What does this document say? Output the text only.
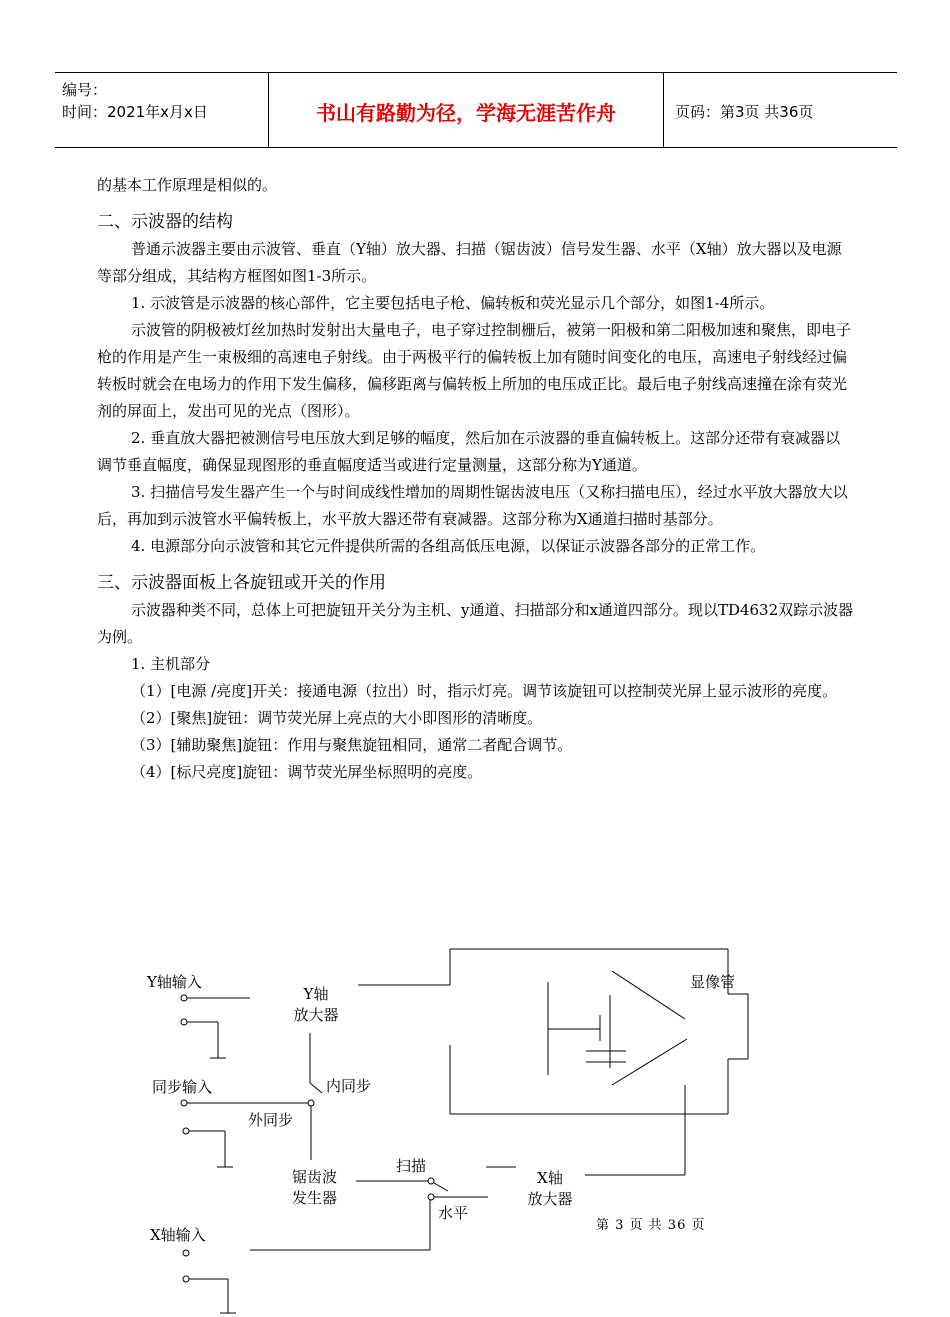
编号：
时间：2021年x月x日	书山有路勤为径，学海无涯苦作舟	页码：第3页 共36页

的基本工作原理是相似的。

二、示波器的结构

普通示波器主要由示波管、垂直（Y轴）放大器、扫描（锯齿波）信号发生器、水平（X轴）放大器以及电源等部分组成，其结构方框图如图1-3所示。

1. 示波管是示波器的核心部件，它主要包括电子枪、偏转板和荧光显示几个部分，如图1-4所示。

示波管的阴极被灯丝加热时发射出大量电子，电子穿过控制栅后，被第一阳极和第二阳极加速和聚焦，即电子枪的作用是产生一束极细的高速电子射线。由于两极平行的偏转板上加有随时间变化的电压，高速电子射线经过偏转板时就会在电场力的作用下发生偏移，偏移距离与偏转板上所加的电压成正比。最后电子射线高速撞在涂有荧光剂的屏面上，发出可见的光点（图形）。

2. 垂直放大器把被测信号电压放大到足够的幅度，然后加在示波器的垂直偏转板上。这部分还带有衰减器以调节垂直幅度，确保显现图形的垂直幅度适当或进行定量测量，这部分称为Y通道。

3. 扫描信号发生器产生一个与时间成线性增加的周期性锯齿波电压（又称扫描电压），经过水平放大器放大以后，再加到示波管水平偏转板上，水平放大器还带有衰减器。这部分称为X通道扫描时基部分。

4. 电源部分向示波管和其它元件提供所需的各组高低压电源，以保证示波器各部分的正常工作。

三、示波器面板上各旋钮或开关的作用

示波器种类不同，总体上可把旋钮开关分为主机、y通道、扫描部分和x通道四部分。现以TD4632双踪示波器为例。

1. 主机部分

（1）[电源 /亮度]开关：接通电源（拉出）时，指示灯亮。调节该旋钮可以控制荧光屏上显示波形的亮度。

（2）[聚焦]旋钮：调节荧光屏上亮点的大小即图形的清晰度。

（3）[辅助聚焦]旋钮：作用与聚焦旋钮相同，通常二者配合调节。

（4）[标尺亮度]旋钮：调节荧光屏坐标照明的亮度。

Y轴输入
Y轴
放大器
显像管
同步输入	内同步
外同步
锯齿波
发生器
扫描
水平
X轴
放大器
X轴输入
第 3 页 共 36 页
